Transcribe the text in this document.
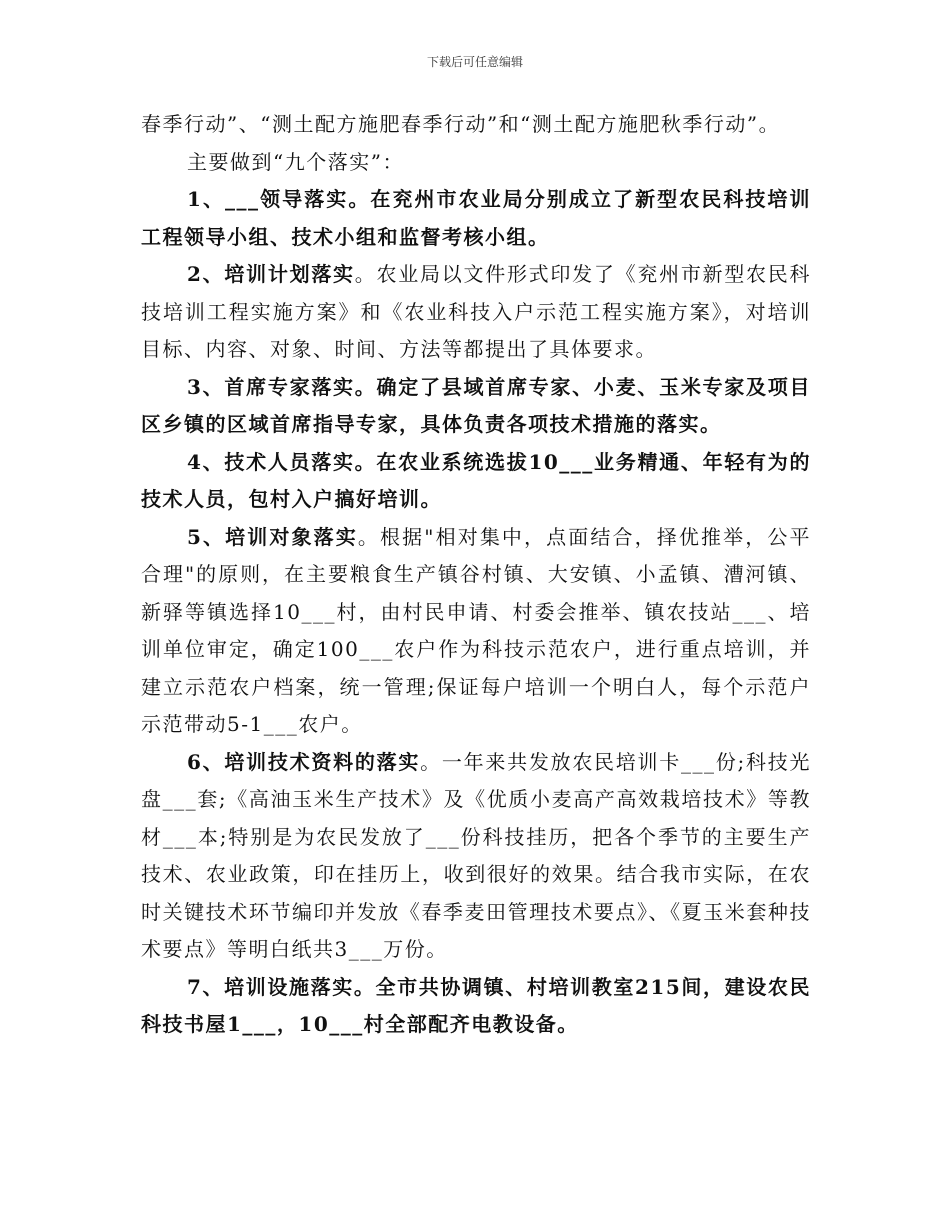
下载后可任意编辑

春季行动”、“测土配方施肥春季行动”和“测土配方施肥秋季行动”。

主要做到“九个落实”：

1、___领导落实。在兖州市农业局分别成立了新型农民科技培训工程领导小组、技术小组和监督考核小组。

2、培训计划落实。农业局以文件形式印发了《兖州市新型农民科技培训工程实施方案》和《农业科技入户示范工程实施方案》，对培训目标、内容、对象、时间、方法等都提出了具体要求。

3、首席专家落实。确定了县域首席专家、小麦、玉米专家及项目区乡镇的区域首席指导专家，具体负责各项技术措施的落实。

4、技术人员落实。在农业系统选拔10___业务精通、年轻有为的技术人员，包村入户搞好培训。

5、培训对象落实。根据"相对集中，点面结合，择优推举，公平合理"的原则，在主要粮食生产镇谷村镇、大安镇、小孟镇、漕河镇、新驿等镇选择10___村，由村民申请、村委会推举、镇农技站___、培训单位审定，确定100___农户作为科技示范农户，进行重点培训，并建立示范农户档案，统一管理;保证每户培训一个明白人，每个示范户示范带动5-1___农户。

6、培训技术资料的落实。一年来共发放农民培训卡___份;科技光盘___套;《高油玉米生产技术》及《优质小麦高产高效栽培技术》等教材___本;特别是为农民发放了___份科技挂历，把各个季节的主要生产技术、农业政策，印在挂历上，收到很好的效果。结合我市实际，在农时关键技术环节编印并发放《春季麦田管理技术要点》、《夏玉米套种技术要点》等明白纸共3___万份。

7、培训设施落实。全市共协调镇、村培训教室215间，建设农民科技书屋1___，10___村全部配齐电教设备。
